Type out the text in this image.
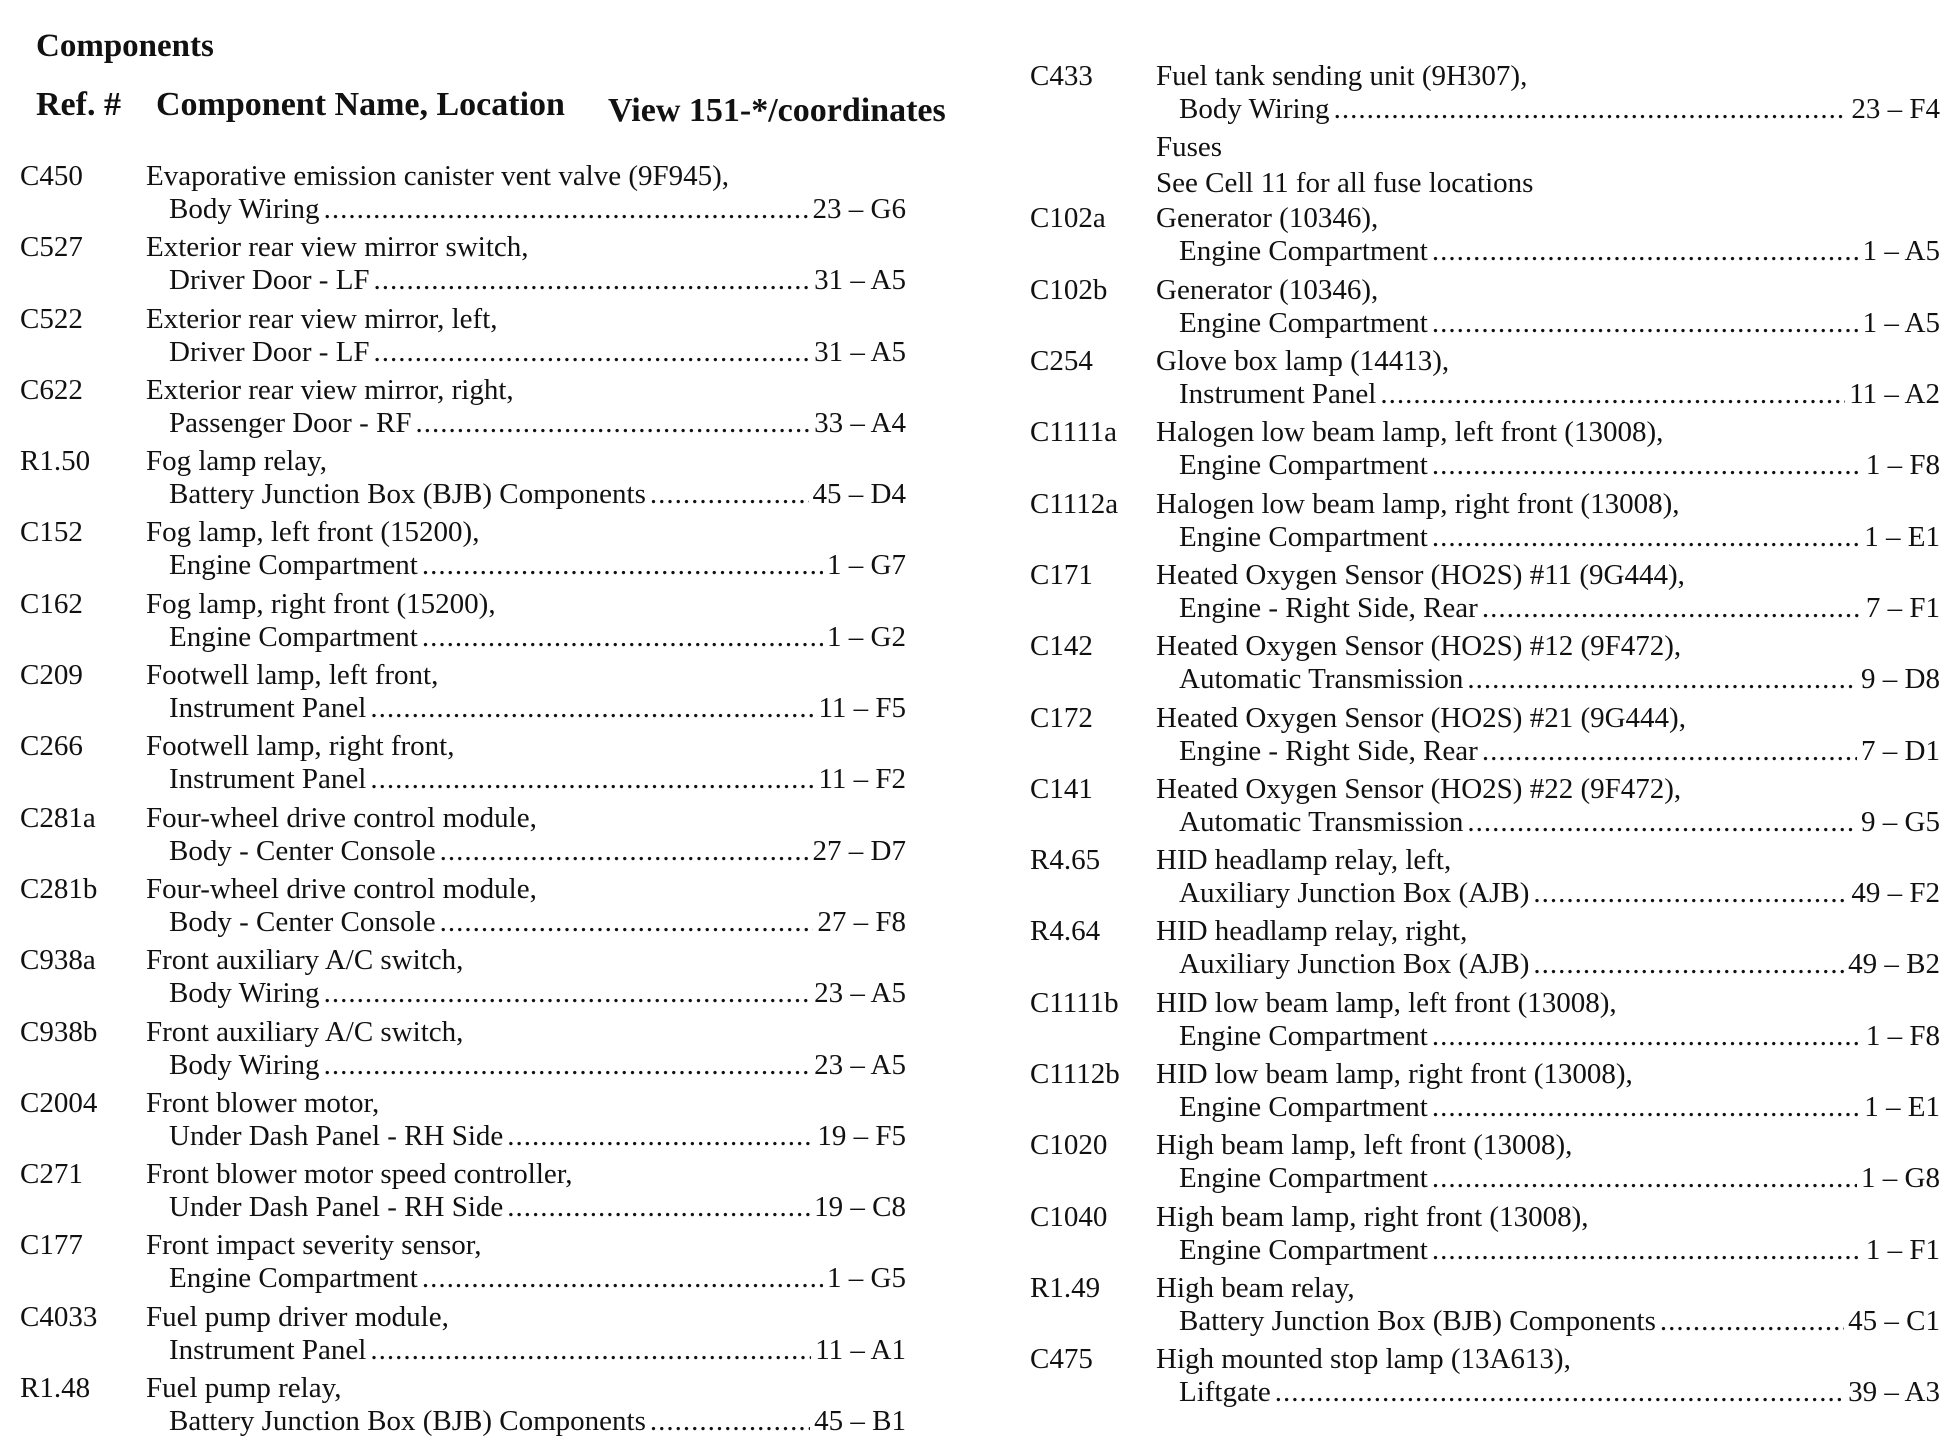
Components
Ref. # Component Name, Location View 151-*/coordinates
C450	Evaporative emission canister vent valve (9F945),
Body Wiring .....	23 – G6
C527	Exterior rear view mirror switch,
Driver Door - LF .....	31 – A5
C522	Exterior rear view mirror, left,
Driver Door - LF .....	31 – A5
C622	Exterior rear view mirror, right,
Passenger Door - RF .....	33 – A4
R1.50	Fog lamp relay,
Battery Junction Box (BJB) Components .....	45 – D4
C152	Fog lamp, left front (15200),
Engine Compartment .....	1 – G7
C162	Fog lamp, right front (15200),
Engine Compartment .....	1 – G2
C209	Footwell lamp, left front,
Instrument Panel .....	11 – F5
C266	Footwell lamp, right front,
Instrument Panel .....	11 – F2
C281a	Four-wheel drive control module,
Body - Center Console .....	27 – D7
C281b	Four-wheel drive control module,
Body - Center Console .....	27 – F8
C938a	Front auxiliary A/C switch,
Body Wiring .....	23 – A5
C938b	Front auxiliary A/C switch,
Body Wiring .....	23 – A5
C2004	Front blower motor,
Under Dash Panel - RH Side .....	19 – F5
C271	Front blower motor speed controller,
Under Dash Panel - RH Side .....	19 – C8
C177	Front impact severity sensor,
Engine Compartment .....	1 – G5
C4033	Fuel pump driver module,
Instrument Panel .....	11 – A1
R1.48	Fuel pump relay,
Battery Junction Box (BJB) Components .....	45 – B1
C433	Fuel tank sending unit (9H307),
Body Wiring .....	23 – F4
Fuses
See Cell 11 for all fuse locations
C102a	Generator (10346),
Engine Compartment .....	1 – A5
C102b	Generator (10346),
Engine Compartment .....	1 – A5
C254	Glove box lamp (14413),
Instrument Panel .....	11 – A2
C1111a	Halogen low beam lamp, left front (13008),
Engine Compartment .....	1 – F8
C1112a	Halogen low beam lamp, right front (13008),
Engine Compartment .....	1 – E1
C171	Heated Oxygen Sensor (HO2S) #11 (9G444),
Engine - Right Side, Rear .....	7 – F1
C142	Heated Oxygen Sensor (HO2S) #12 (9F472),
Automatic Transmission .....	9 – D8
C172	Heated Oxygen Sensor (HO2S) #21 (9G444),
Engine - Right Side, Rear .....	7 – D1
C141	Heated Oxygen Sensor (HO2S) #22 (9F472),
Automatic Transmission .....	9 – G5
R4.65	HID headlamp relay, left,
Auxiliary Junction Box (AJB) .....	49 – F2
R4.64	HID headlamp relay, right,
Auxiliary Junction Box (AJB) .....	49 – B2
C1111b	HID low beam lamp, left front (13008),
Engine Compartment .....	1 – F8
C1112b	HID low beam lamp, right front (13008),
Engine Compartment .....	1 – E1
C1020	High beam lamp, left front (13008),
Engine Compartment .....	1 – G8
C1040	High beam lamp, right front (13008),
Engine Compartment .....	1 – F1
R1.49	High beam relay,
Battery Junction Box (BJB) Components .....	45 – C1
C475	High mounted stop lamp (13A613),
Liftgate .....	39 – A3
